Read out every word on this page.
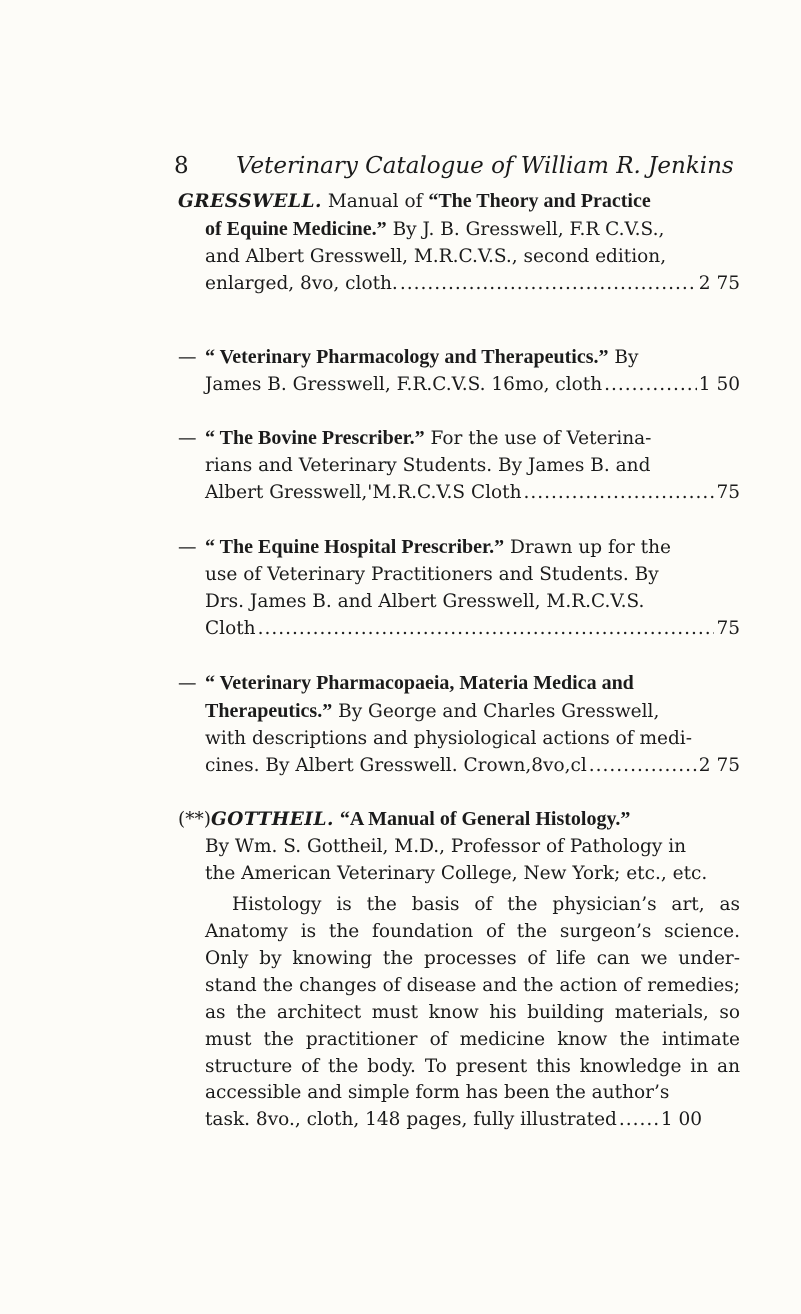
8 Veterinary Catalogue of William R. Jenkins

GRESSWELL. Manual of “The Theory and Practice

of Equine Medicine.” By J. B. Gresswell, F.R C.V.S.,

and Albert Gresswell, M.R.C.V.S., second edition,

enlarged, 8vo, cloth. .....	2 75

— “ Veterinary Pharmacology and Therapeutics.” By

James B. Gresswell, F.R.C.V.S. 16mo, cloth .....	1 50

— “ The Bovine Prescriber.” For the use of Veterina-

rians and Veterinary Students. By James B. and

Albert Gresswell,'M.R.C.V.S Cloth .....	75

— “ The Equine Hospital Prescriber.” Drawn up for the

use of Veterinary Practitioners and Students. By

Drs. James B. and Albert Gresswell, M.R.C.V.S.

Cloth .....	75

— “ Veterinary Pharmacopaeia, Materia Medica and

Therapeutics.” By George and Charles Gresswell,

with descriptions and physiological actions of medi-

cines. By Albert Gresswell. Crown,8vo,cl .....	2 75

(**)GOTTHEIL. “A Manual of General Histology.”

By Wm. S. Gottheil, M.D., Professor of Pathology in

the American Veterinary College, New York; etc., etc.

Histology is the basis of the physician’s art, as Anatomy is the foundation of the surgeon’s science. Only by knowing the processes of life can we under-stand the changes of disease and the action of remedies; as the architect must know his building materials, so must the practitioner of medicine know the intimate structure of the body. To present this knowledge in an accessible and simple form has been the author’s

task. 8vo., cloth, 148 pages, fully illustrated ..... 1 00
